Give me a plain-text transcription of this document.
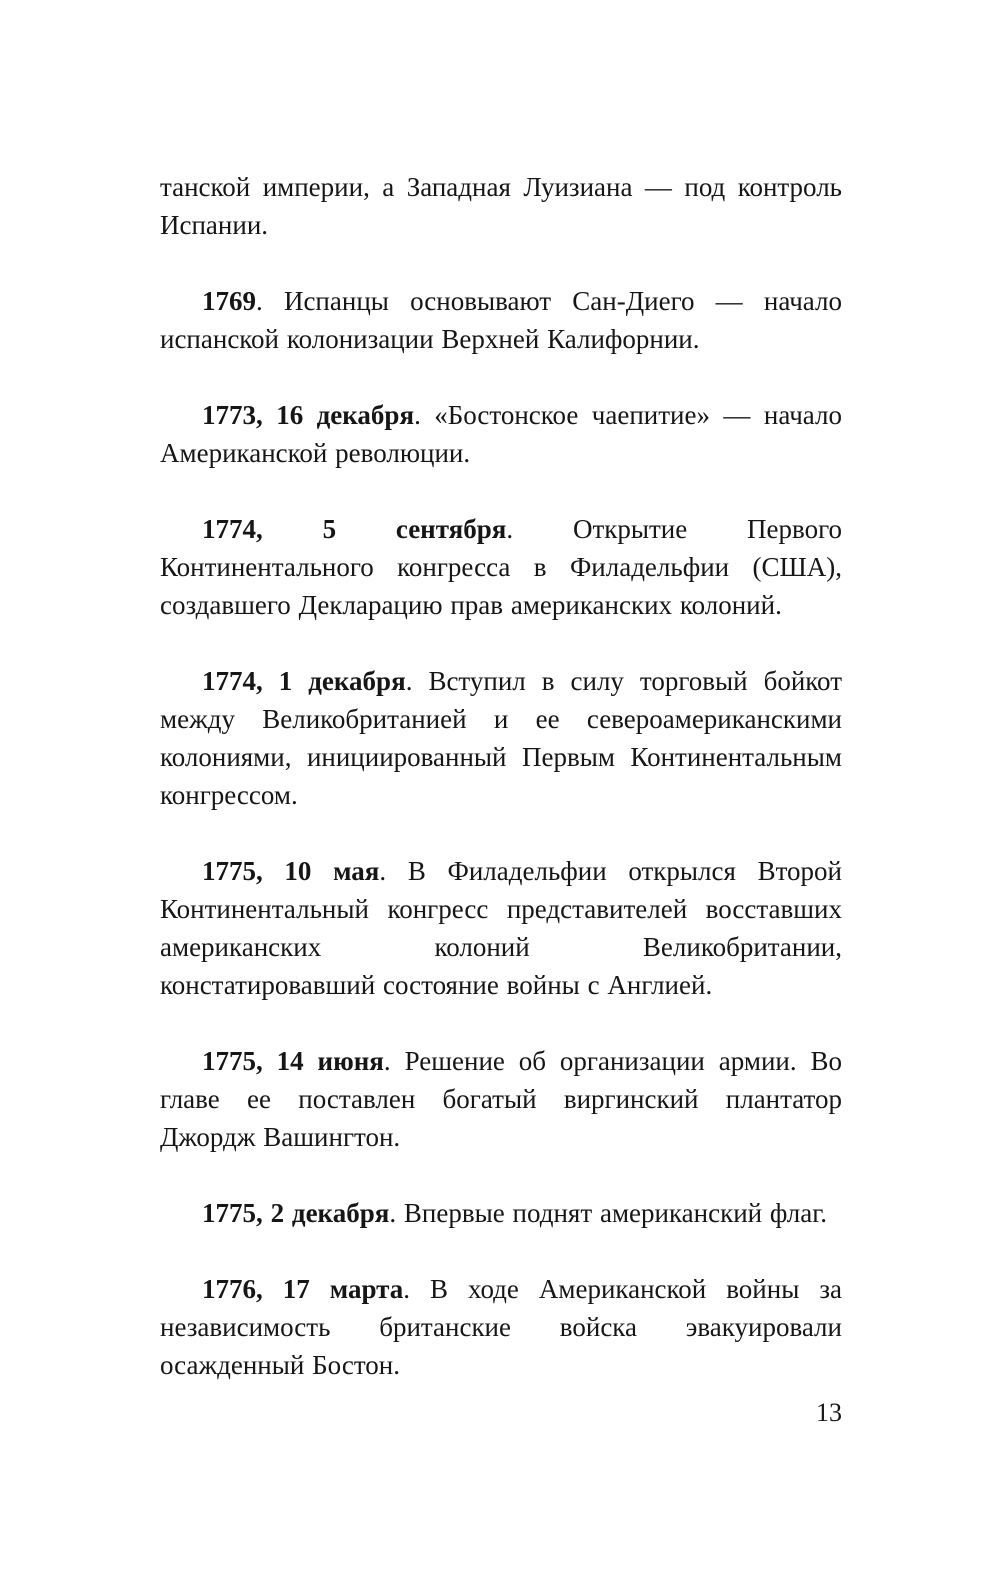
танской империи, а Западная Луизиана — под контроль Испании.

1769. Испанцы основывают Сан-Диего — начало испанской колонизации Верхней Калифорнии.

1773, 16 декабря. «Бостонское чаепитие» — начало Американской революции.

1774, 5 сентября. Открытие Первого Континентального конгресса в Филадельфии (США), создавшего Декларацию прав американских колоний.

1774, 1 декабря. Вступил в силу торговый бойкот между Великобританией и ее североамериканскими колониями, инициированный Первым Континентальным конгрессом.

1775, 10 мая. В Филадельфии открылся Второй Континентальный конгресс представителей восставших американских колоний Великобритании, констатировавший состояние войны с Англией.

1775, 14 июня. Решение об организации армии. Во главе ее поставлен богатый виргинский плантатор Джордж Вашингтон.

1775, 2 декабря. Впервые поднят американский флаг.

1776, 17 марта. В ходе Американской войны за независимость британские войска эвакуировали осажденный Бостон.

13
